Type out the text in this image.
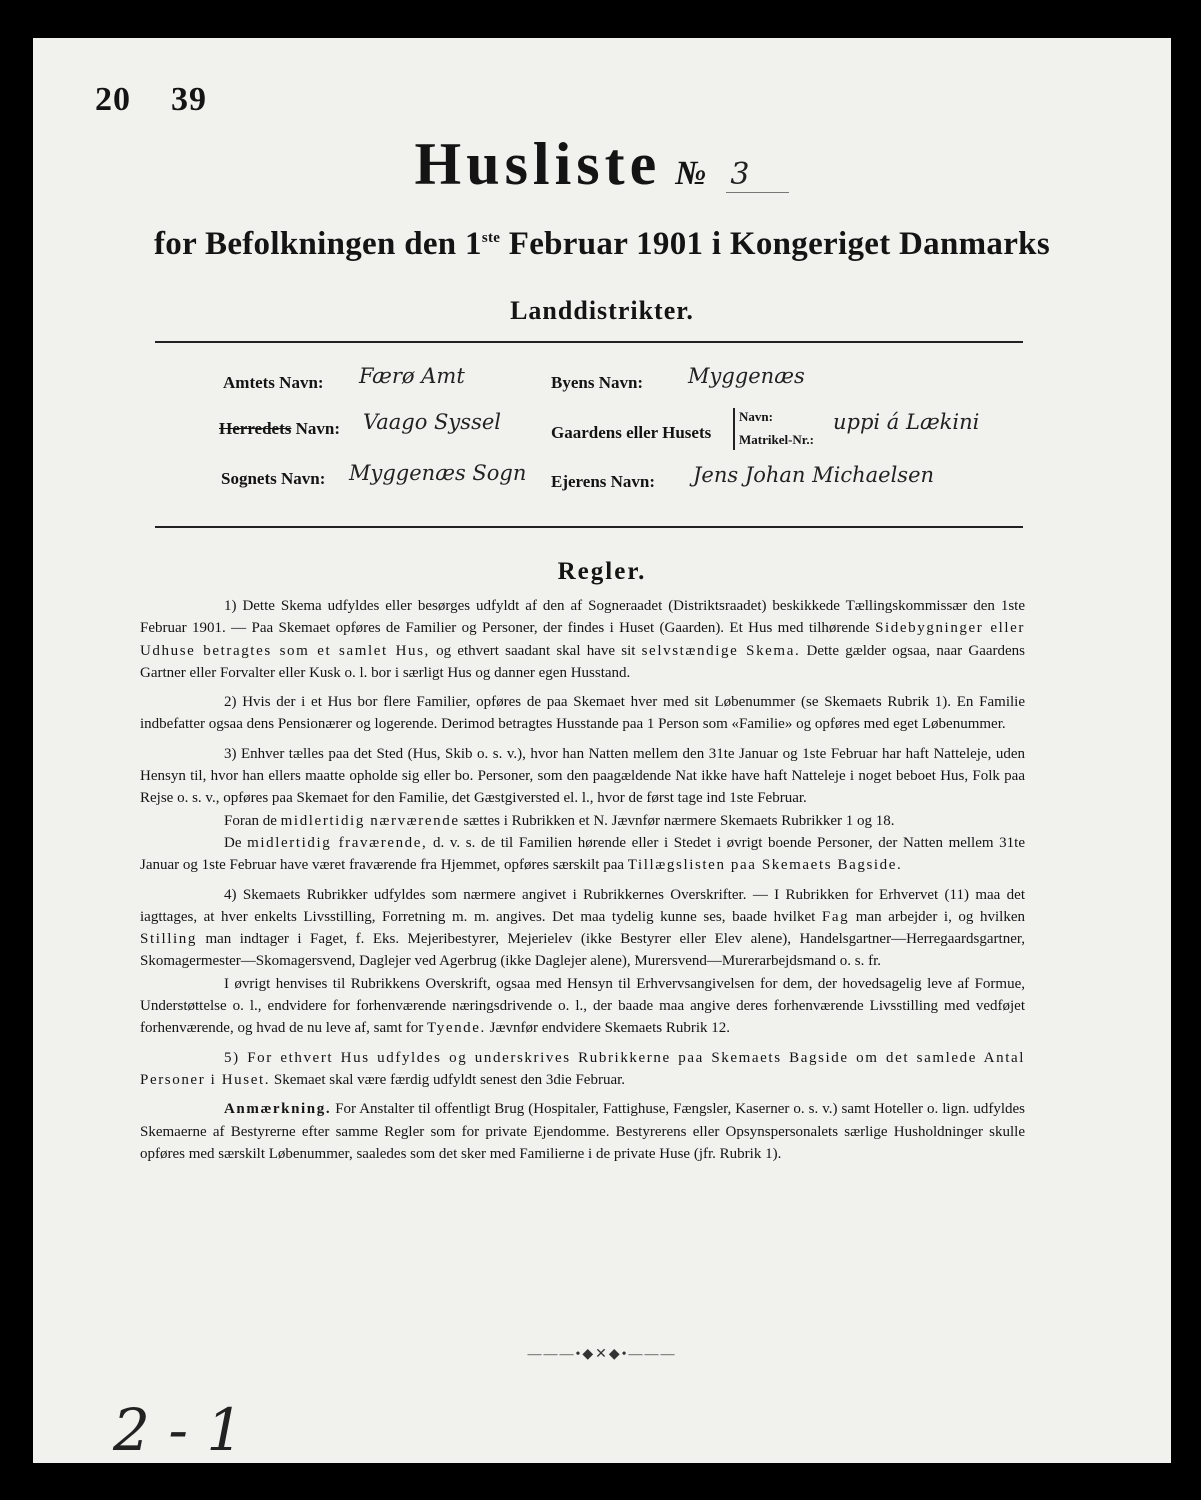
20 39
Husliste № 3
for Befolkningen den 1ste Februar 1901 i Kongeriget Danmarks
Landdistrikter.
Amtets Navn: Færø Amt
Herredets Navn: Vaago Syssel
Sognets Navn: Myggenæs Sogn
Byens Navn: Myggenæs
Gaardens eller Husets
Navn:
Matrikel-Nr.:
uppi á Lækini
Ejerens Navn: Jens Johan Michaelsen
Regler.

1) Dette Skema udfyldes eller besørges udfyldt af den af Sogneraadet (Distriktsraadet) beskikkede Tællingskommissær den 1ste Februar 1901. — Paa Skemaet opføres de Familier og Personer, der findes i Huset (Gaarden). Et Hus med tilhørende Sidebygninger eller Udhuse betragtes som et samlet Hus, og ethvert saadant skal have sit selvstændige Skema. Dette gælder ogsaa, naar Gaardens Gartner eller Forvalter eller Kusk o. l. bor i særligt Hus og danner egen Husstand.

2) Hvis der i et Hus bor flere Familier, opføres de paa Skemaet hver med sit Løbenummer (se Skemaets Rubrik 1). En Familie indbefatter ogsaa dens Pensionærer og logerende. Derimod betragtes Husstande paa 1 Person som «Familie» og opføres med eget Løbenummer.

3) Enhver tælles paa det Sted (Hus, Skib o. s. v.), hvor han Natten mellem den 31te Januar og 1ste Februar har haft Natteleje, uden Hensyn til, hvor han ellers maatte opholde sig eller bo. Personer, som den paagældende Nat ikke have haft Natteleje i noget beboet Hus, Folk paa Rejse o. s. v., opføres paa Skemaet for den Familie, det Gæstgiversted el. l., hvor de først tage ind 1ste Februar.

Foran de midlertidig nærværende sættes i Rubrikken et N. Jævnfør nærmere Skemaets Rubrikker 1 og 18.

De midlertidig fraværende, d. v. s. de til Familien hørende eller i Stedet i øvrigt boende Personer, der Natten mellem 31te Januar og 1ste Februar have været fraværende fra Hjemmet, opføres særskilt paa Tillægslisten paa Skemaets Bagside.

4) Skemaets Rubrikker udfyldes som nærmere angivet i Rubrikkernes Overskrifter. — I Rubrikken for Erhvervet (11) maa det iagttages, at hver enkelts Livsstilling, Forretning m. m. angives. Det maa tydelig kunne ses, baade hvilket Fag man arbejder i, og hvilken Stilling man indtager i Faget, f. Eks. Mejeribestyrer, Mejerielev (ikke Bestyrer eller Elev alene), Handelsgartner—Herregaardsgartner, Skomagermester—Skomagersvend, Daglejer ved Agerbrug (ikke Daglejer alene), Murersvend—Murerarbejdsmand o. s. fr.

I øvrigt henvises til Rubrikkens Overskrift, ogsaa med Hensyn til Erhvervsangivelsen for dem, der hovedsagelig leve af Formue, Understøttelse o. l., endvidere for forhenværende næringsdrivende o. l., der baade maa angive deres forhenværende Livsstilling med vedføjet forhenværende, og hvad de nu leve af, samt for Tyende. Jævnfør endvidere Skemaets Rubrik 12.

5) For ethvert Hus udfyldes og underskrives Rubrikkerne paa Skemaets Bagside om det samlede Antal Personer i Huset. Skemaet skal være færdig udfyldt senest den 3die Februar.

Anmærkning. For Anstalter til offentligt Brug (Hospitaler, Fattighuse, Fængsler, Kaserner o. s. v.) samt Hoteller o. lign. udfyldes Skemaerne af Bestyrerne efter samme Regler som for private Ejendomme. Bestyrerens eller Opsynspersonalets særlige Husholdninger skulle opføres med særskilt Løbenummer, saaledes som det sker med Familierne i de private Huse (jfr. Rubrik 1).

———•◆✕◆•———
2 - 1
